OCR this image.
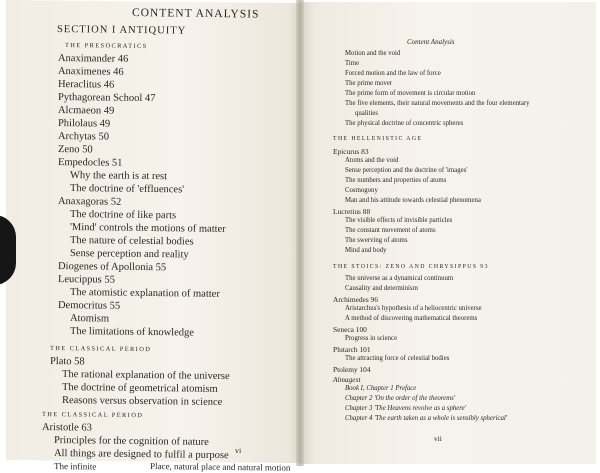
CONTENT ANALYSIS
SECTION I ANTIQUITY
THE PRESOCRATICS
Anaximander 46
Anaximenes 46
Heraclitus 46
Pythagorean School 47
Alcmaeon 49
Philolaus 49
Archytas 50
Zeno 50
Empedocles 51
Why the earth is at rest
The doctrine of 'effluences'
Anaxagoras 52
The doctrine of like parts
'Mind' controls the motions of matter
The nature of celestial bodies
Sense perception and reality
Diogenes of Apollonia 55
Leucippus 55
The atomistic explanation of matter
Democritus 55
Atomism
The limitations of knowledge
THE CLASSICAL PERIOD
Plato 58
The rational explanation of the universe
The doctrine of geometrical atomism
Reasons versus observation in science
THE CLASSICAL PERIOD
Aristotle 63
Principles for the cognition of nature
All things are designed to fulfil a purpose
The infinite
vi
Place, natural place and natural motion
Content Analysis
Motion and the void
Time
Forced motion and the law of force
The prime mover
The prime form of movement is circular motion
The five elements, their natural movements and the four elementary
qualities
The physical doctrine of concentric spheres
THE HELLENISTIC AGE
Epicurus 83
Atoms and the void
Sense perception and the doctrine of 'images'
The numbers and properties of atoms
Cosmogony
Man and his attitude towards celestial phenomena
Lucretius 88
The visible effects of invisible particles
The constant movement of atoms
The swerving of atoms
Mind and body
THE STOICS: ZENO AND CHRYSIPPUS 93
The universe as a dynamical continuum
Causality and determinism
Archimedes 96
Aristarchus's hypothesis of a heliocentric universe
A method of discovering mathematical theorems
Seneca 100
Progress in science
Plutarch 101
The attracting force of celestial bodies
Ptolemy 104
Almagest
Book I, Chapter 1 Preface
Chapter 2 'On the order of the theorems'
Chapter 3 'The Heavens revolve as a sphere'
Chapter 4 'The earth taken as a whole is sensibly spherical'
vii
